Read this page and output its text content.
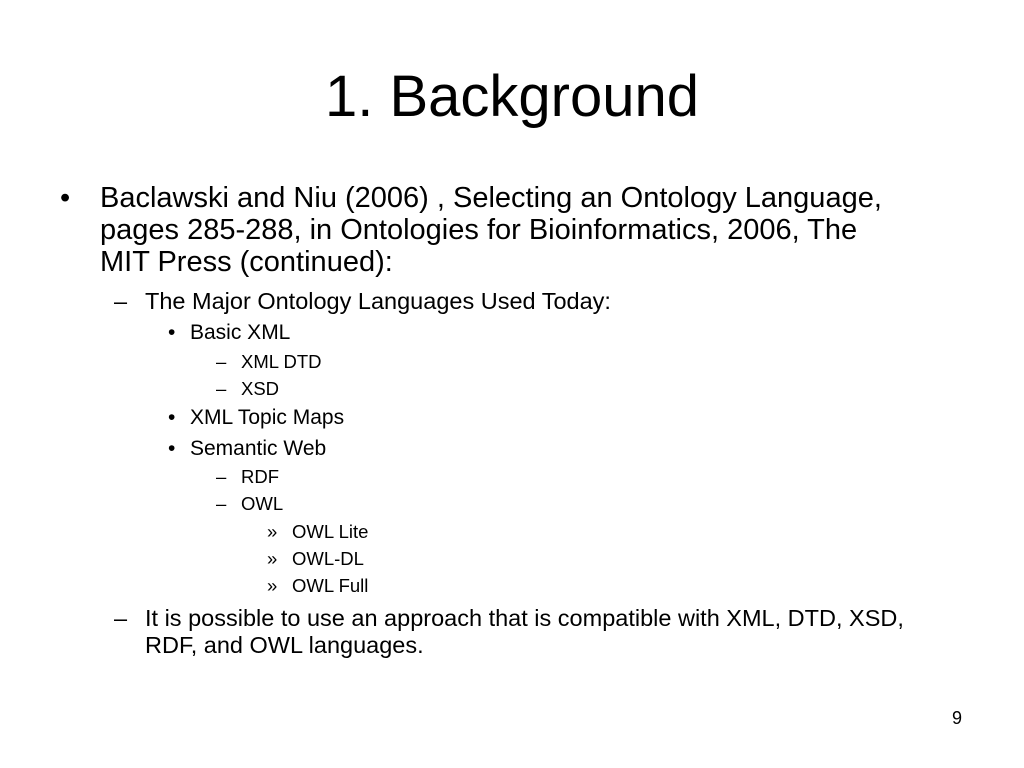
1. Background
• Baclawski and Niu (2006) , Selecting an Ontology Language, pages 285-288, in Ontologies for Bioinformatics, 2006, The MIT Press (continued):
– The Major Ontology Languages Used Today:
• Basic XML
– XML DTD
– XSD
• XML Topic Maps
• Semantic Web
– RDF
– OWL
» OWL Lite
» OWL-DL
» OWL Full
– It is possible to use an approach that is compatible with XML, DTD, XSD, RDF, and OWL languages.
9
